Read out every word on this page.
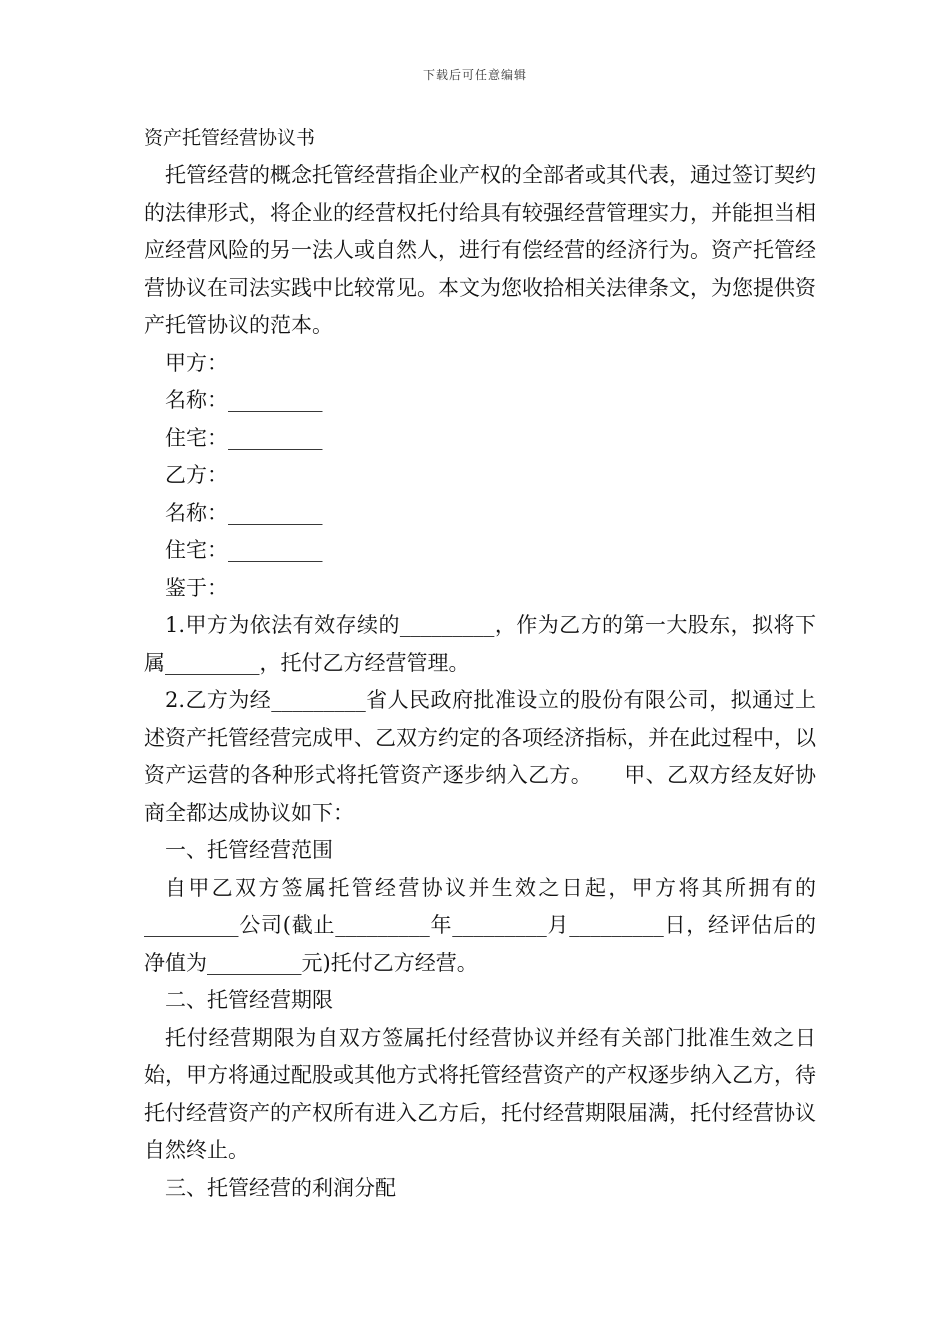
下载后可任意编辑

资产托管经营协议书

托管经营的概念托管经营指企业产权的全部者或其代表，通过签订契约的法律形式，将企业的经营权托付给具有较强经营管理实力，并能担当相应经营风险的另一法人或自然人，进行有偿经营的经济行为。资产托管经营协议在司法实践中比较常见。本文为您收拾相关法律条文，为您提供资产托管协议的范本。

甲方：

名称：_________

住宅：_________

乙方：

名称：_________

住宅：_________

鉴于：

1.甲方为依法有效存续的_________，作为乙方的第一大股东，拟将下属_________，托付乙方经营管理。

2.乙方为经_________省人民政府批准设立的股份有限公司，拟通过上述资产托管经营完成甲、乙双方约定的各项经济指标，并在此过程中，以资产运营的各种形式将托管资产逐步纳入乙方。　　甲、乙双方经友好协商全都达成协议如下：

一、托管经营范围

自甲乙双方签属托管经营协议并生效之日起，甲方将其所拥有的_________公司(截止_________年_________月_________日，经评估后的净值为_________元)托付乙方经营。

二、托管经营期限

托付经营期限为自双方签属托付经营协议并经有关部门批准生效之日始，甲方将通过配股或其他方式将托管经营资产的产权逐步纳入乙方，待托付经营资产的产权所有进入乙方后，托付经营期限届满，托付经营协议自然终止。

三、托管经营的利润分配
